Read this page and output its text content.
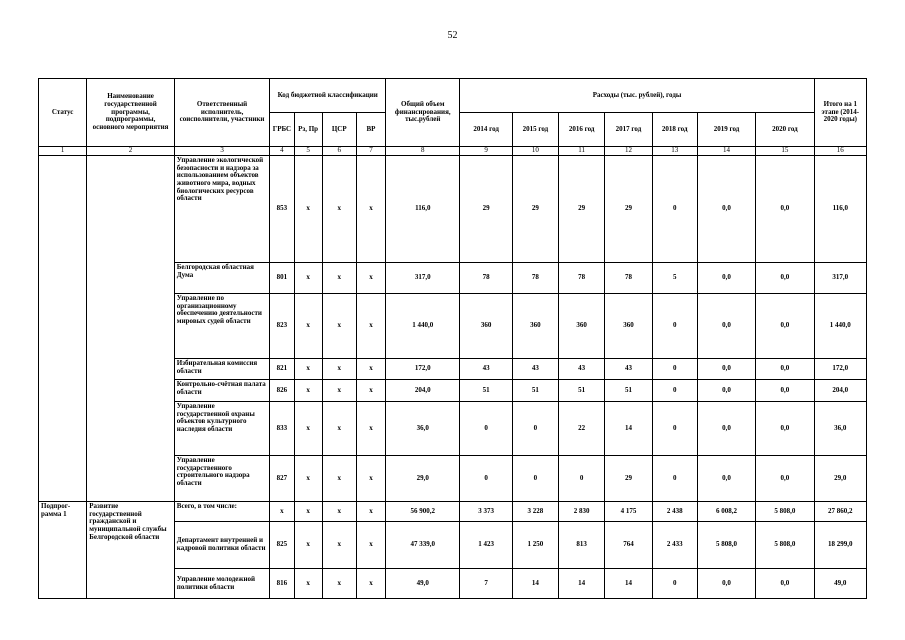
52
Статус	Наименование государственной программы, подпрограммы, основного мероприятия	Ответственный исполнитель, соисполнители, участники	Код бюджетной классификации				Общий объем финансирования, тыс.рублей	Расходы (тыс. рублей), годы							Итого на 1 этапе (2014-2020 годы)
			ГРБС	Рз, Пр	ЦСР	ВР		2014 год	2015 год	2016 год	2017 год	2018 год	2019 год	2020 год	
1	2	3	4	5	6	7	8	9	10	11	12	13	14	15	16
		Управление экологической безопасности и надзора за использованием объектов животного мира, водных биологических ресурсов области	853	х	х	х	116,0	29	29	29	29	0	0,0	0,0	116,0
		Белгородская областная Дума	801	х	х	х	317,0	78	78	78	78	5	0,0	0,0	317,0
		Управление по организационному обеспечению деятельности мировых судей области	823	х	х	х	1 440,0	360	360	360	360	0	0,0	0,0	1 440,0
		Избирательная комиссия области	821	х	х	х	172,0	43	43	43	43	0	0,0	0,0	172,0
		Контрольно-счётная палата области	826	х	х	х	204,0	51	51	51	51	0	0,0	0,0	204,0
		Управление государственной охраны объектов культурного наследия области	833	х	х	х	36,0	0	0	22	14	0	0,0	0,0	36,0
		Управление государственного строительного надзора области	827	х	х	х	29,0	0	0	0	29	0	0,0	0,0	29,0
Подпрог-рамма 1	Развитие государственной гражданской и муниципальной службы Белгородской области	Всего, в том числе:	х	х	х	х	56 900,2	3 373	3 228	2 830	4 175	2 438	6 008,2	5 808,0	27 860,2
		Департамент внутренней и кадровой политики области	825	х	х	х	47 339,0	1 423	1 250	813	764	2 433	5 808,0	5 808,0	18 299,0
		Управление молодежной политики области	816	х	х	х	49,0	7	14	14	14	0	0,0	0,0	49,0
